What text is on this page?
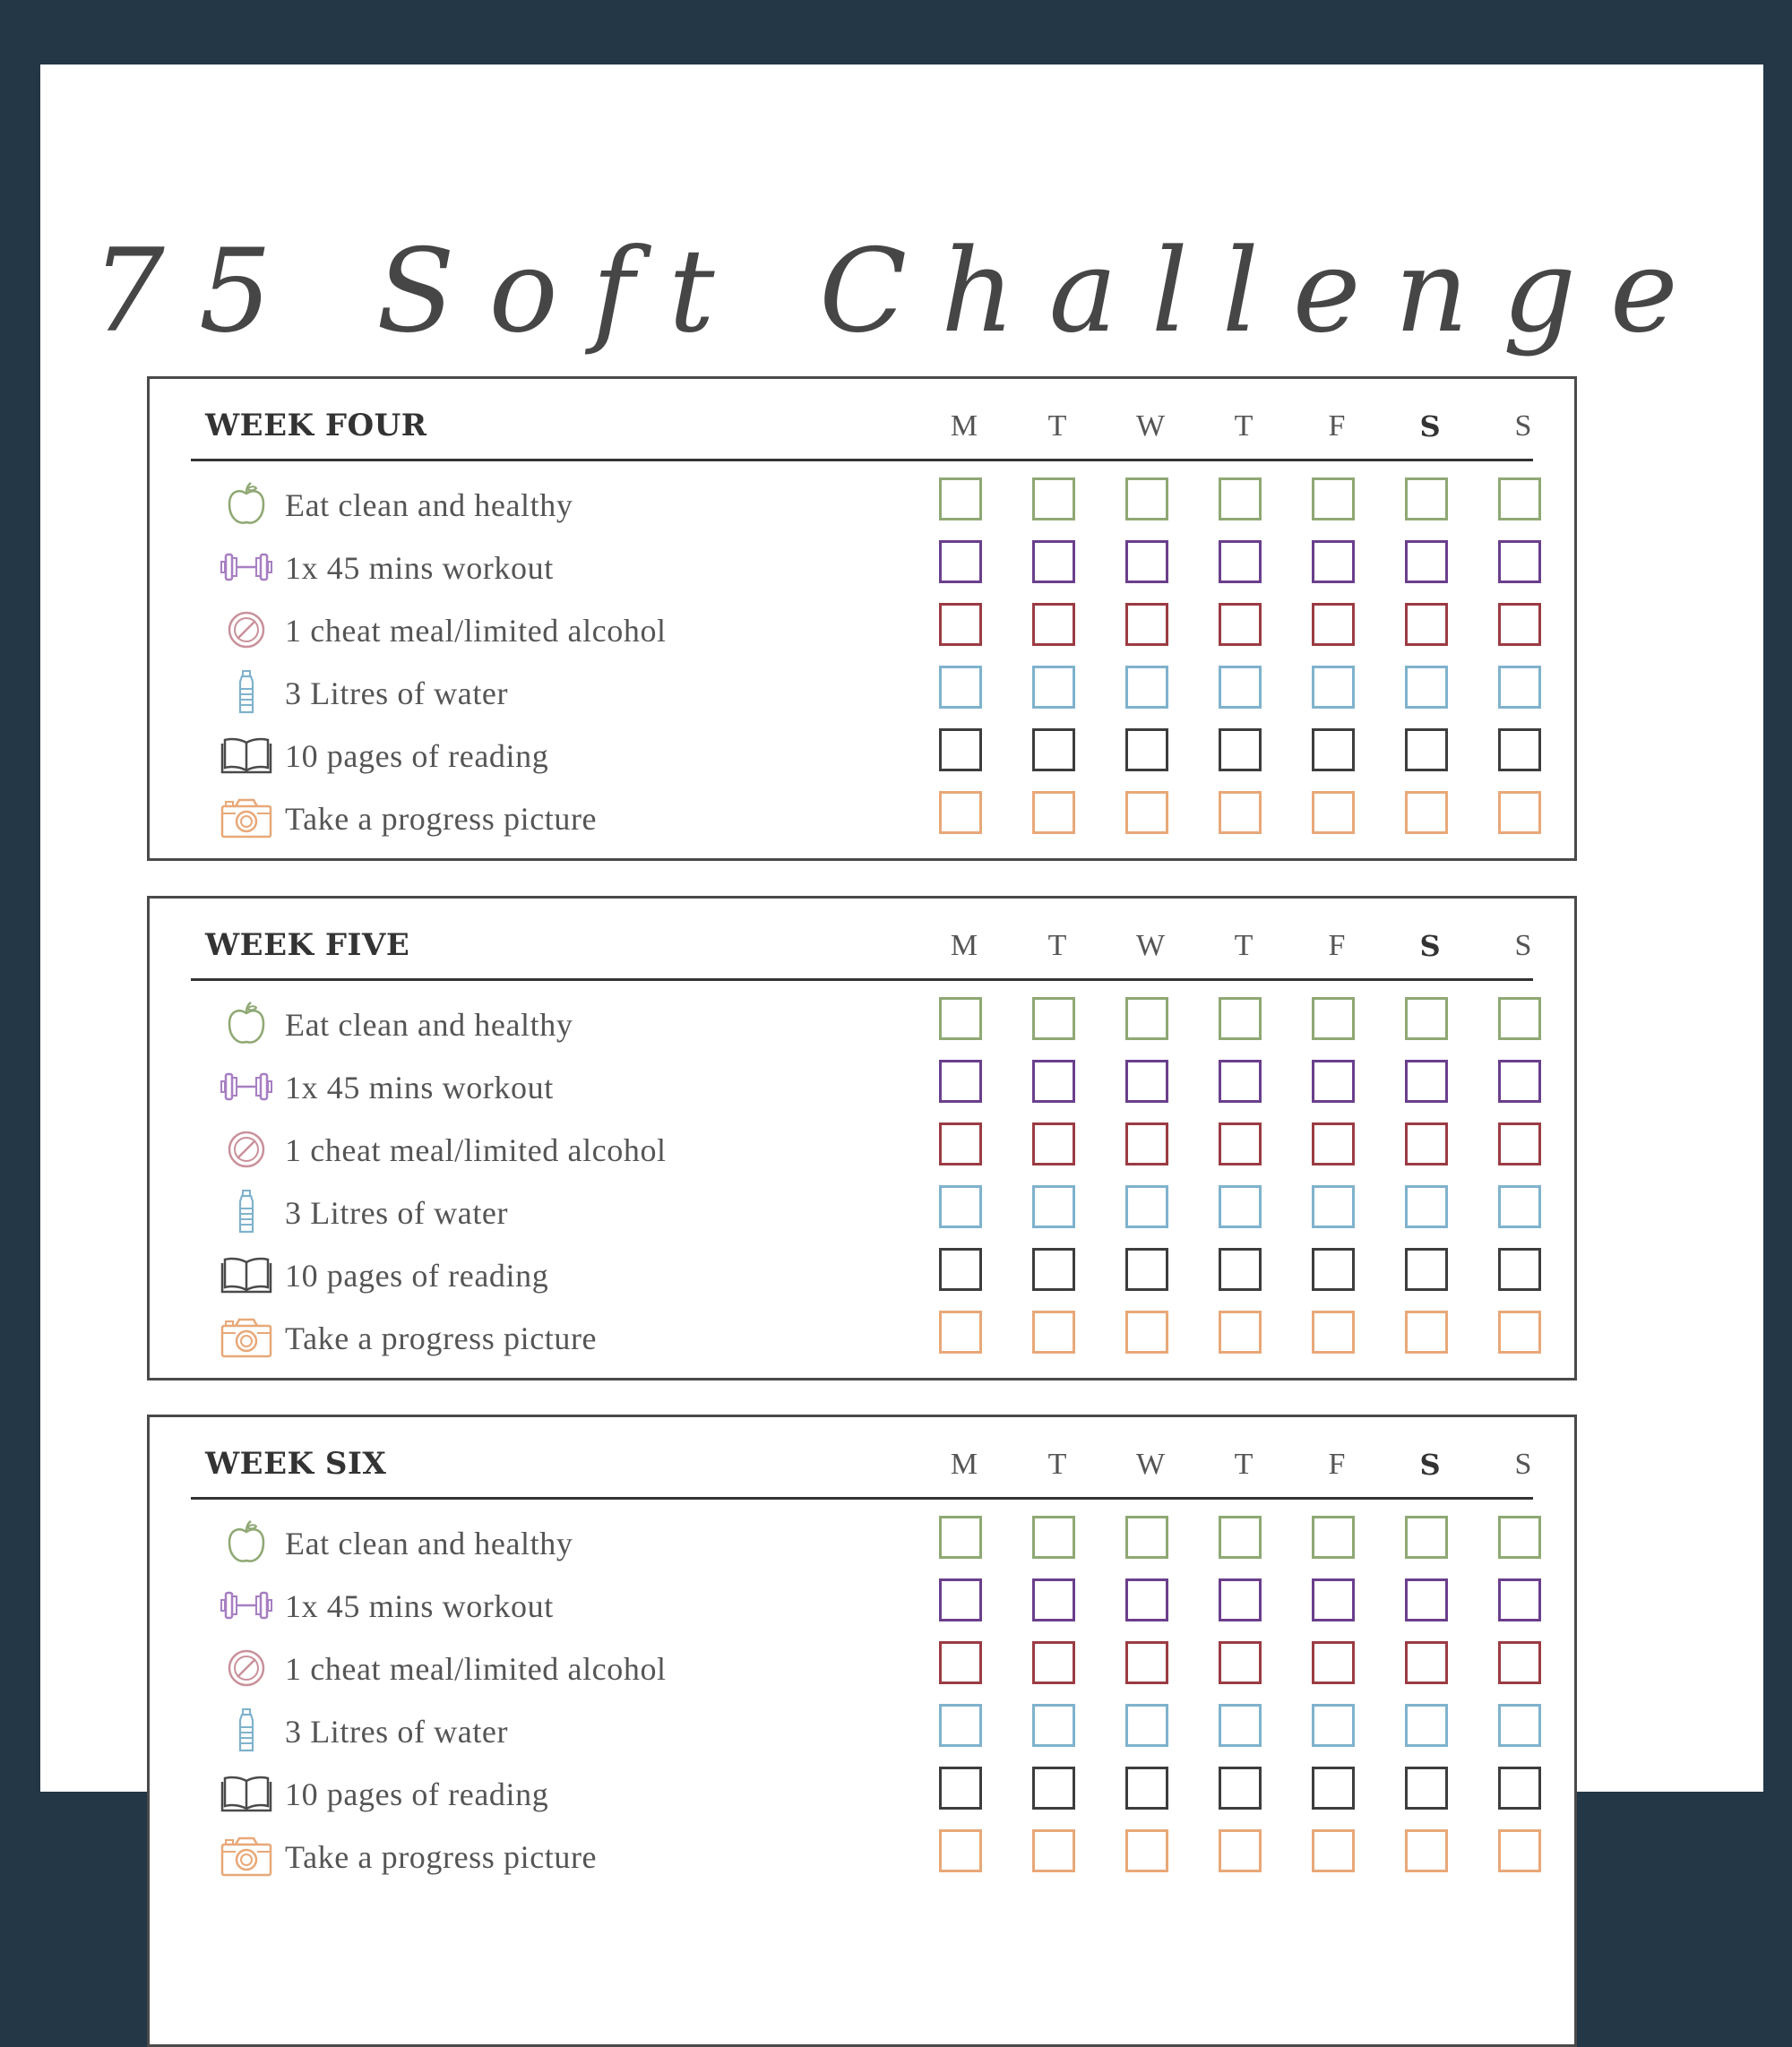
75 Soft Challenge
WEEK FOUR	M	T	W	T	F	S	S
Eat clean and healthy
1x 45 mins workout
1 cheat meal/limited alcohol
3 Litres of water
10 pages of reading
Take a progress picture
WEEK FIVE	M	T	W	T	F	S	S
Eat clean and healthy
1x 45 mins workout
1 cheat meal/limited alcohol
3 Litres of water
10 pages of reading
Take a progress picture
WEEK SIX	M	T	W	T	F	S	S
Eat clean and healthy
1x 45 mins workout
1 cheat meal/limited alcohol
3 Litres of water
10 pages of reading
Take a progress picture
